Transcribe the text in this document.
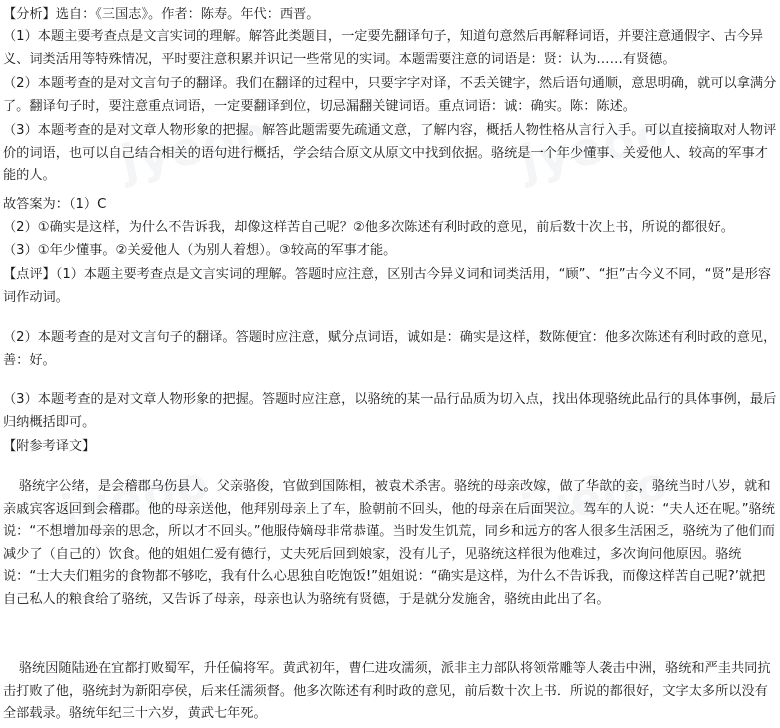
jyeoo	jyeoo
jyeoo	jyeoo
【分析】选自：《三国志》。作者：陈寿。年代：西晋。
（1）本题主要考查点是文言实词的理解。解答此类题目，一定要先翻译句子，知道句意然后再解释词语，并要注意通假字、古今异义、词类活用等特殊情况，平时要注意积累并识记一些常见的实词。本题需要注意的词语是：贤：认为……有贤德。
（2）本题考查的是对文言句子的翻译。我们在翻译的过程中，只要字字对译，不丢关键字，然后语句通顺，意思明确，就可以拿满分了。翻译句子时，要注意重点词语，一定要翻译到位，切忌漏翻关键词语。重点词语：诚：确实。陈：陈述。
（3）本题考查的是对文章人物形象的把握。解答此题需要先疏通文意，了解内容，概括人物性格从言行入手。可以直接摘取对人物评价的词语，也可以自己结合相关的语句进行概括，学会结合原文从原文中找到依据。骆统是一个年少懂事、关爱他人、较高的军事才能的人。
故答案为：（1）C
（2）①确实是这样，为什么不告诉我，却像这样苦自己呢？②他多次陈述有利时政的意见，前后数十次上书，所说的都很好。
（3）①年少懂事。②关爱他人（为别人着想）。③较高的军事才能。
【点评】（1）本题主要考查点是文言实词的理解。答题时应注意，区别古今异义词和词类活用，“顾”、“拒”古今义不同，“贤”是形容词作动词。
（2）本题考查的是对文言句子的翻译。答题时应注意，赋分点词语，诚如是：确实是这样，数陈便宜：他多次陈述有利时政的意见，善：好。
（3）本题考查的是对文章人物形象的把握。答题时应注意，以骆统的某一品行品质为切入点，找出体现骆统此品行的具体事例，最后归纳概括即可。
【附参考译文】
骆统字公绪，是会稽郡乌伤县人。父亲骆俊，官做到国陈相，被袁术杀害。骆统的母亲改嫁，做了华歆的妾，骆统当时八岁，就和亲戚宾客返回到会稽郡。他的母亲送他，他拜别母亲上了车，脸朝前不回头，他的母亲在后面哭泣。驾车的人说：“夫人还在呢。”骆统说：“不想增加母亲的思念，所以才不回头。”他服侍嫡母非常恭谨。当时发生饥荒，同乡和远方的客人很多生活困乏，骆统为了他们而减少了（自己的）饮食。他的姐姐仁爱有德行，丈夫死后回到娘家，没有儿子，见骆统这样很为他难过，多次询问他原因。骆统说：“士大夫们粗劣的食物都不够吃，我有什么心思独自吃饱饭!”姐姐说：“确实是这样，为什么不告诉我，而像这样苦自己呢?’就把自己私人的粮食给了骆统，又告诉了母亲，母亲也认为骆统有贤德，于是就分发施舍，骆统由此出了名。
骆统因随陆逊在宜都打败蜀军，升任偏将军。黄武初年，曹仁进攻濡须，派非主力部队将领常雕等人袭击中洲，骆统和严圭共同抗击打败了他，骆统封为新阳亭侯，后来任濡须督。他多次陈述有利时政的意见，前后数十次上书．所说的都很好，文字太多所以没有全部载录。骆统年纪三十六岁，黄武七年死。
